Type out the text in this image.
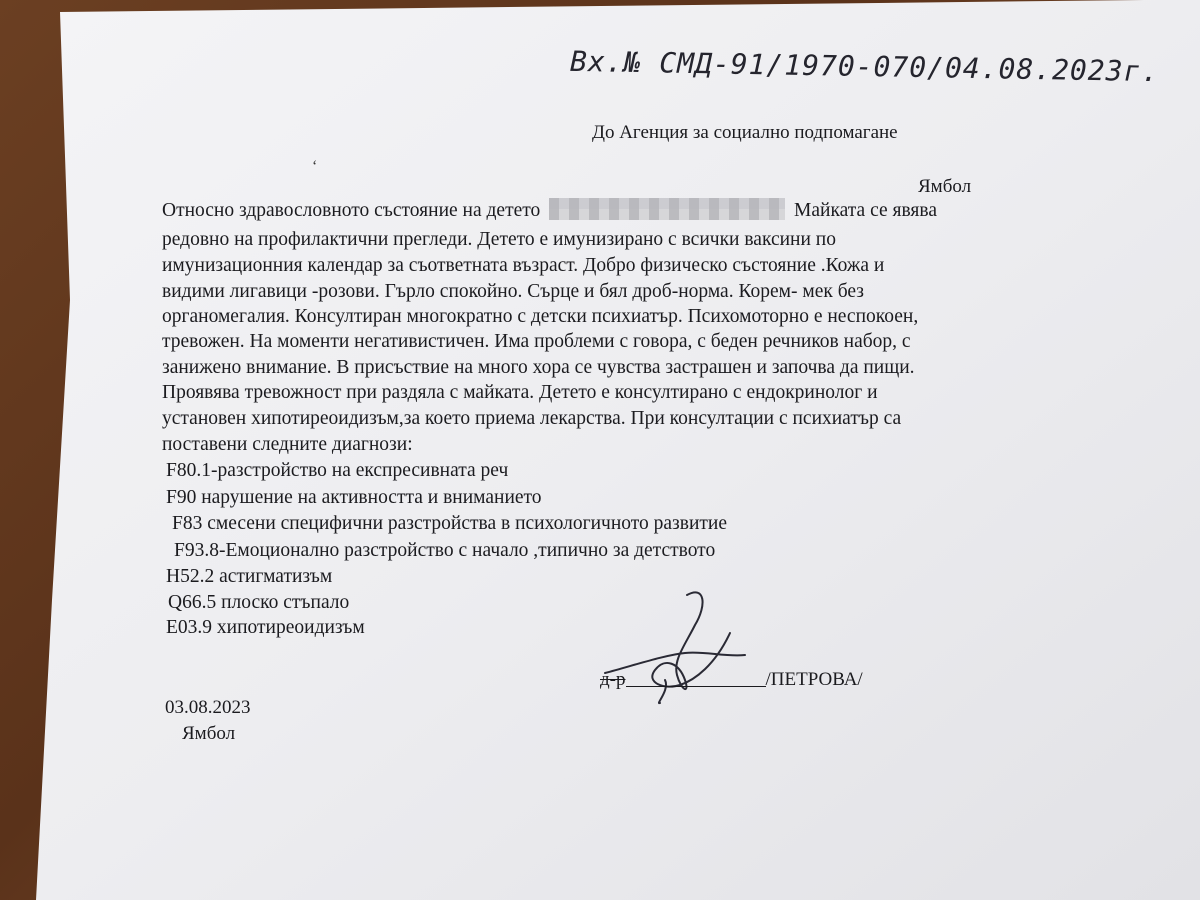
Вх.№ СМД-91/1970-070/04.08.2023г.
До Агенция за социално подпомагане
‘
Ямбол
Относно здравословното състояние на детето	Майката се явява
редовно на профилактични прегледи. Детето е имунизирано с всички ваксини по
имунизационния календар за съответната възраст. Добро физическо състояние .Кожа и
видими лигавици -розови. Гърло спокойно. Сърце и бял дроб-норма. Корем- мек без
органомегалия. Консултиран многократно с детски психиатър. Психомоторно е неспокоен,
тревожен. На моменти негативистичен. Има проблеми с говора, с беден речников набор, с
занижено внимание. В присъствие на много хора се чувства застрашен и започва да пищи.
Проявява тревожност при раздяла с майката. Детето е консултирано с ендокринолог и
установен хипотиреоидизъм,за което приема лекарства. При консултации с психиатър са
поставени следните диагнози:
F80.1-разстройство на експресивната реч
F90 нарушение на активността и вниманието
F83 смесени специфични разстройства в психологичното развитие
F93.8-Емоционално разстройство с начало ,типично за детството
H52.2 астигматизъм
Q66.5 плоско стъпало
E03.9 хипотиреоидизъм
д-р	/ПЕТРОВА/
03.08.2023
Ямбол
